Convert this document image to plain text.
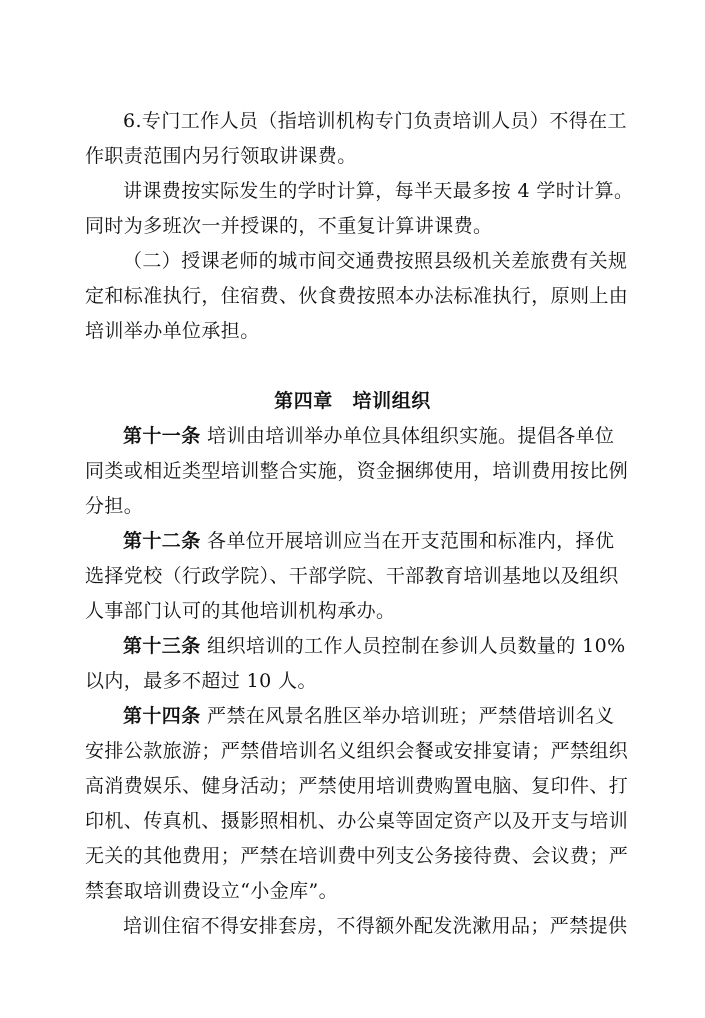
6.专门工作人员（指培训机构专门负责培训人员）不得在工
作职责范围内另行领取讲课费。
讲课费按实际发生的学时计算，每半天最多按 4 学时计算。
同时为多班次一并授课的，不重复计算讲课费。
（二）授课老师的城市间交通费按照县级机关差旅费有关规
定和标准执行，住宿费、伙食费按照本办法标准执行，原则上由
培训举办单位承担。
第四章　培训组织
第十一条 培训由培训举办单位具体组织实施。提倡各单位
同类或相近类型培训整合实施，资金捆绑使用，培训费用按比例
分担。
第十二条 各单位开展培训应当在开支范围和标准内，择优
选择党校（行政学院）、干部学院、干部教育培训基地以及组织
人事部门认可的其他培训机构承办。
第十三条 组织培训的工作人员控制在参训人员数量的 10%
以内，最多不超过 10 人。
第十四条 严禁在风景名胜区举办培训班；严禁借培训名义
安排公款旅游；严禁借培训名义组织会餐或安排宴请；严禁组织
高消费娱乐、健身活动；严禁使用培训费购置电脑、复印件、打
印机、传真机、摄影照相机、办公桌等固定资产以及开支与培训
无关的其他费用；严禁在培训费中列支公务接待费、会议费；严
禁套取培训费设立“小金库”。
培训住宿不得安排套房，不得额外配发洗漱用品；严禁提供
